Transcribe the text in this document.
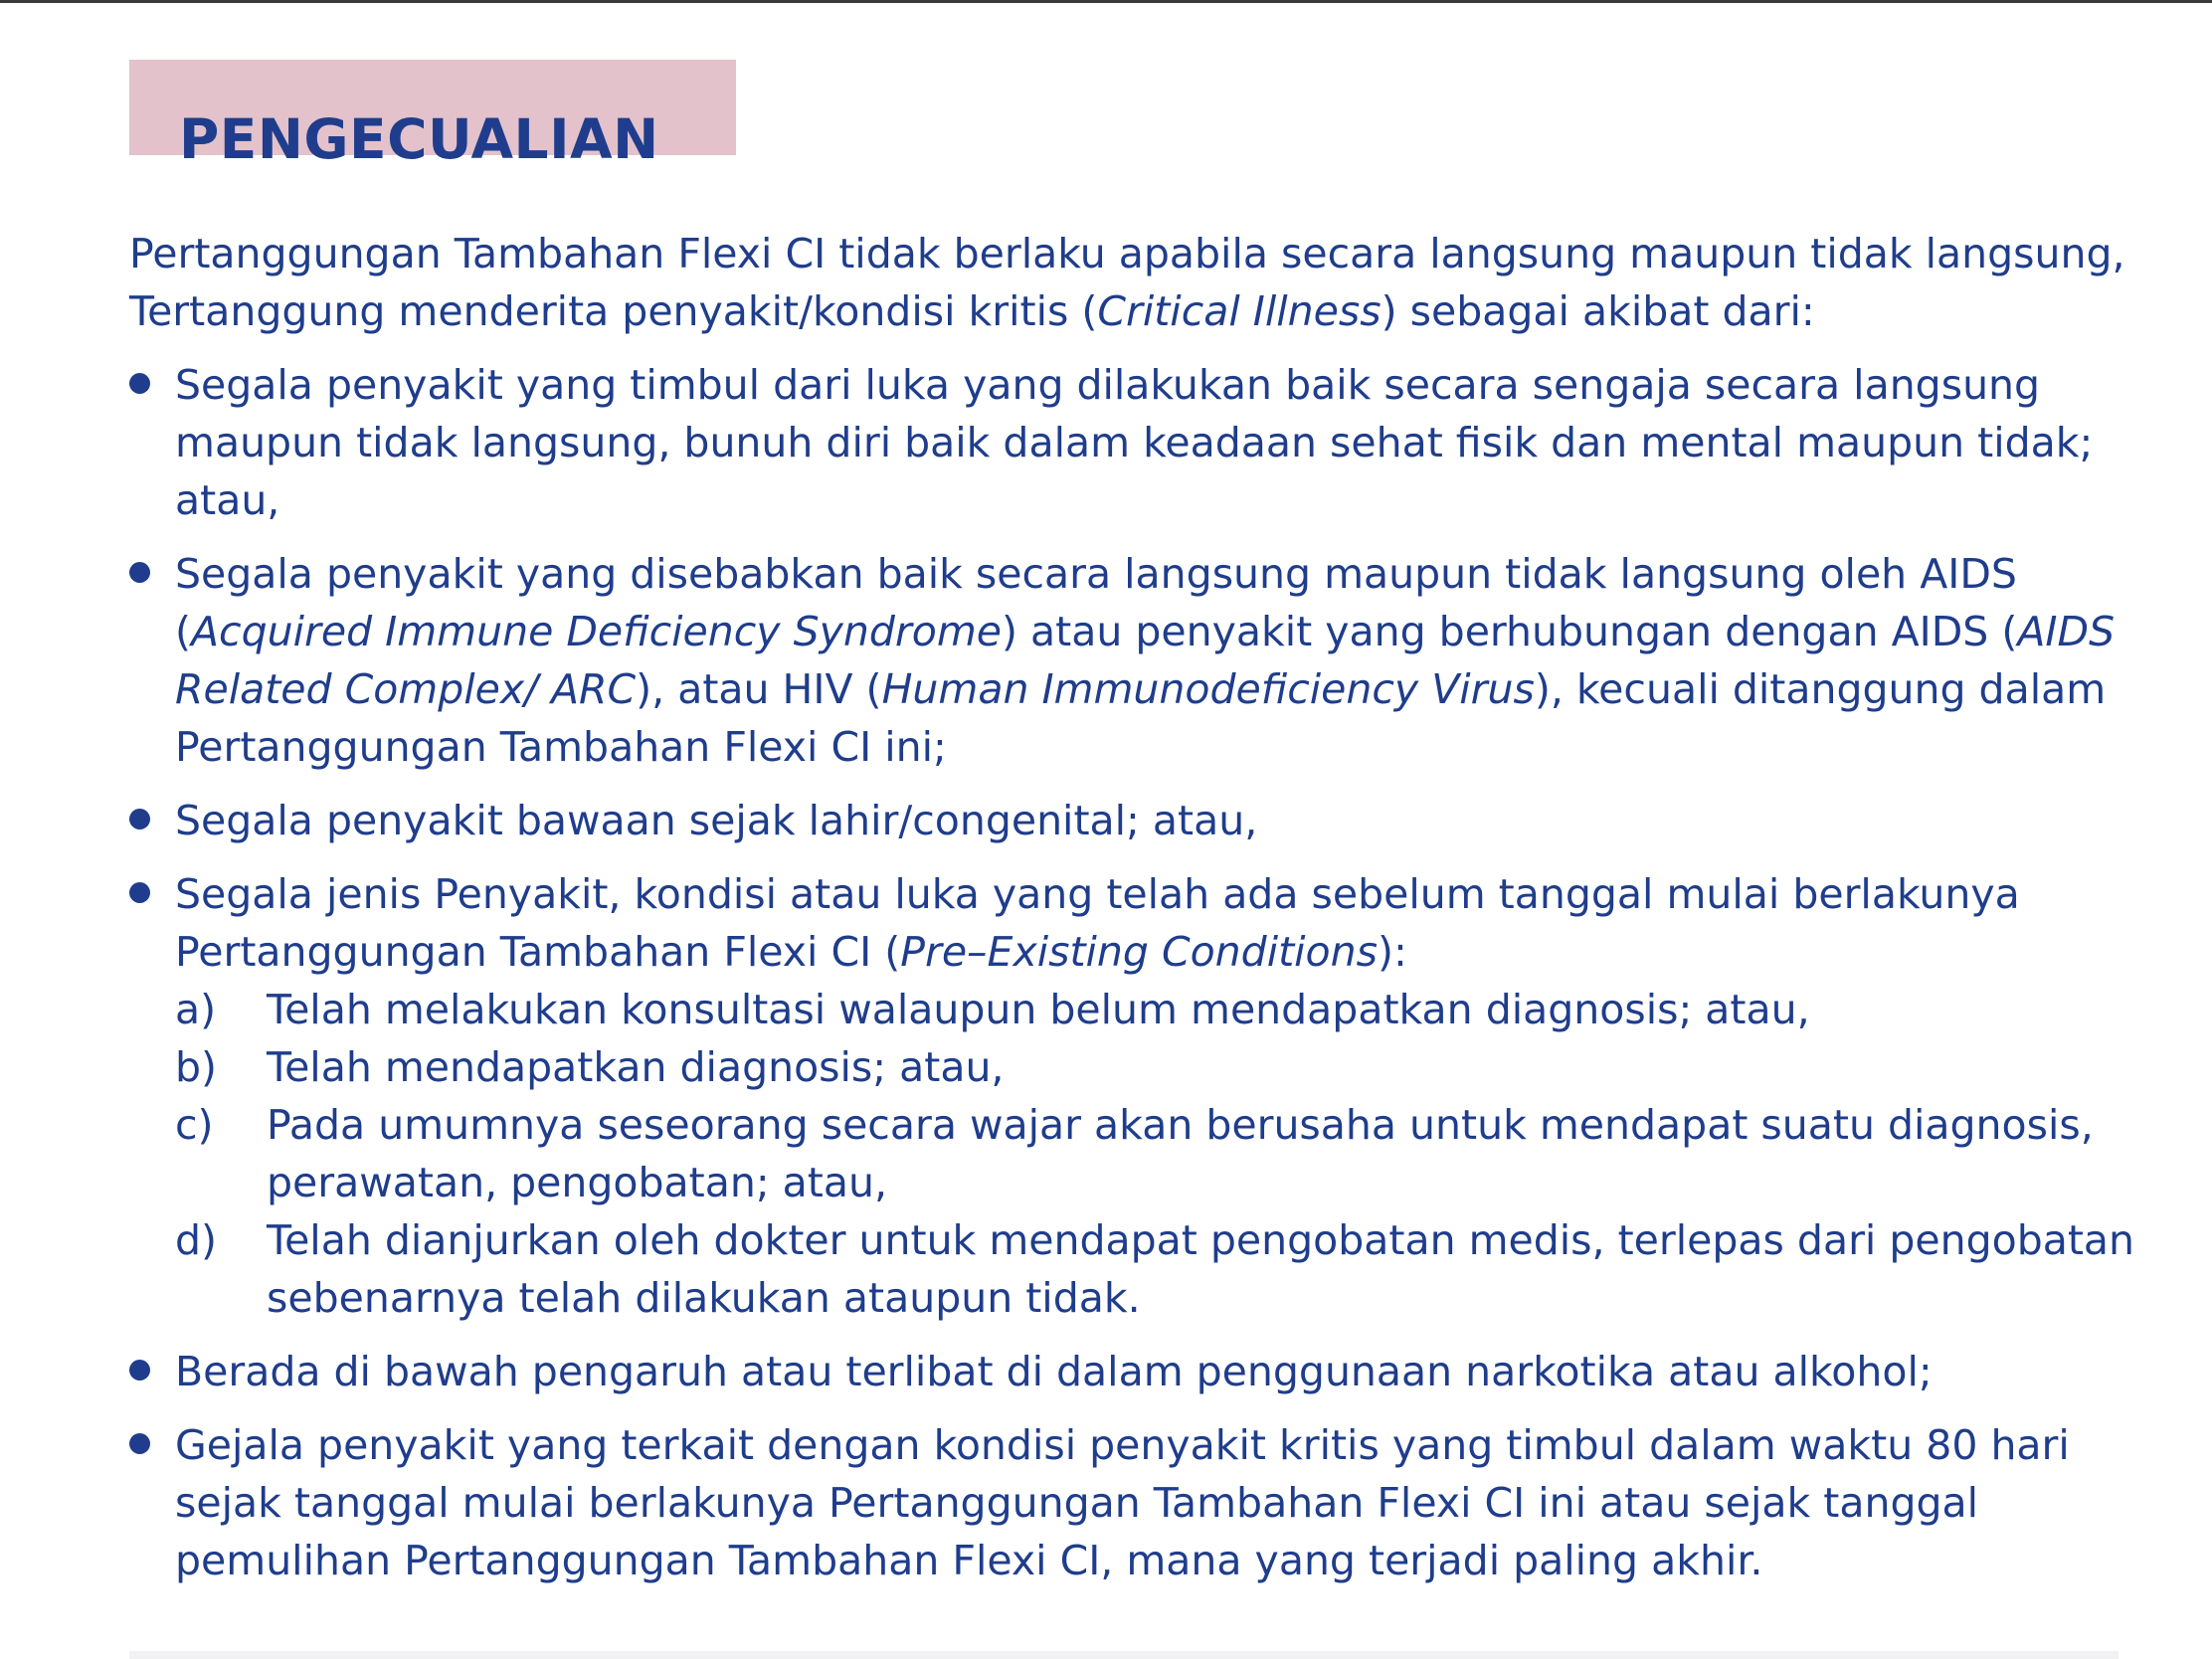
PENGECUALIAN

Pertanggungan Tambahan Flexi CI tidak berlaku apabila secara langsung maupun tidak langsung, Tertanggung menderita penyakit/kondisi kritis (Critical Illness) sebagai akibat dari:

Segala penyakit yang timbul dari luka yang dilakukan baik secara sengaja secara langsung maupun tidak langsung, bunuh diri baik dalam keadaan sehat fisik dan mental maupun tidak; atau,
Segala penyakit yang disebabkan baik secara langsung maupun tidak langsung oleh AIDS (Acquired Immune Deficiency Syndrome) atau penyakit yang berhubungan dengan AIDS (AIDS Related Complex/ ARC), atau HIV (Human Immunodeficiency Virus), kecuali ditanggung dalam Pertanggungan Tambahan Flexi CI ini;
Segala penyakit bawaan sejak lahir/congenital; atau,
Segala jenis Penyakit, kondisi atau luka yang telah ada sebelum tanggal mulai berlakunya Pertanggungan Tambahan Flexi CI (Pre–Existing Conditions):
a) Telah melakukan konsultasi walaupun belum mendapatkan diagnosis; atau,
b) Telah mendapatkan diagnosis; atau,
c) Pada umumnya seseorang secara wajar akan berusaha untuk mendapat suatu diagnosis, perawatan, pengobatan; atau,
d) Telah dianjurkan oleh dokter untuk mendapat pengobatan medis, terlepas dari pengobatan sebenarnya telah dilakukan ataupun tidak.
Berada di bawah pengaruh atau terlibat di dalam penggunaan narkotika atau alkohol;
Gejala penyakit yang terkait dengan kondisi penyakit kritis yang timbul dalam waktu 80 hari sejak tanggal mulai berlakunya Pertanggungan Tambahan Flexi CI ini atau sejak tanggal pemulihan Pertanggungan Tambahan Flexi CI, mana yang terjadi paling akhir.
